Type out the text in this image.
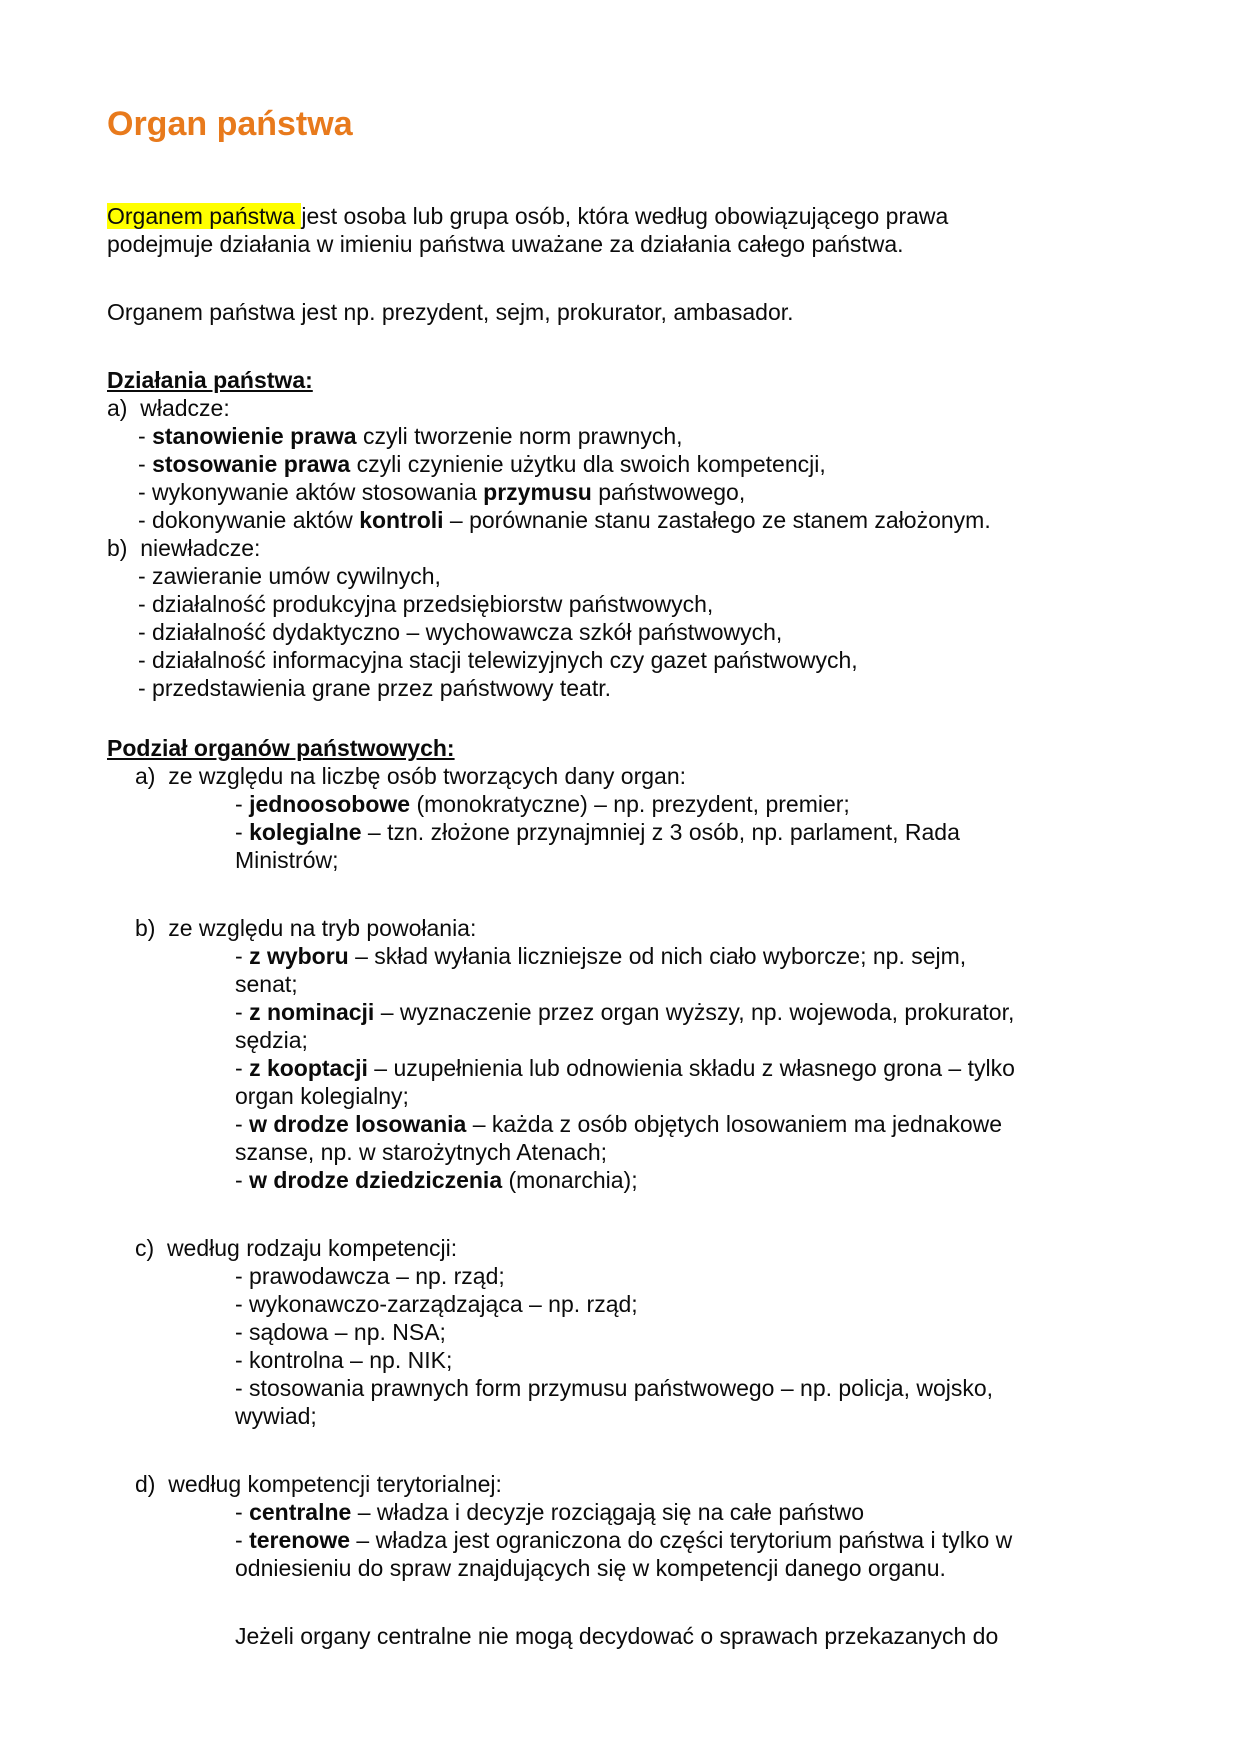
Organ państwa
Organem państwa jest osoba lub grupa osób, która według obowiązującego prawa
podejmuje działania w imieniu państwa uważane za działania całego państwa.
Organem państwa jest np. prezydent, sejm, prokurator, ambasador.
Działania państwa:
a)  władcze:
- stanowienie prawa czyli tworzenie norm prawnych,
- stosowanie prawa czyli czynienie użytku dla swoich kompetencji,
- wykonywanie aktów stosowania przymusu państwowego,
- dokonywanie aktów kontroli – porównanie stanu zastałego ze stanem założonym.
b)  niewładcze:
- zawieranie umów cywilnych,
- działalność produkcyjna przedsiębiorstw państwowych,
- działalność dydaktyczno – wychowawcza szkół państwowych,
- działalność informacyjna stacji telewizyjnych czy gazet państwowych,
- przedstawienia grane przez państwowy teatr.
Podział organów państwowych:
a)  ze względu na liczbę osób tworzących dany organ:
- jednoosobowe (monokratyczne) – np. prezydent, premier;
- kolegialne – tzn. złożone przynajmniej z 3 osób, np. parlament, Rada
Ministrów;
b)  ze względu na tryb powołania:
- z wyboru – skład wyłania liczniejsze od nich ciało wyborcze; np. sejm,
senat;
- z nominacji – wyznaczenie przez organ wyższy, np. wojewoda, prokurator,
sędzia;
- z kooptacji – uzupełnienia lub odnowienia składu z własnego grona – tylko
organ kolegialny;
- w drodze losowania – każda z osób objętych losowaniem ma jednakowe
szanse, np. w starożytnych Atenach;
- w drodze dziedziczenia (monarchia);
c)  według rodzaju kompetencji:
- prawodawcza – np. rząd;
- wykonawczo-zarządzająca – np. rząd;
- sądowa – np. NSA;
- kontrolna – np. NIK;
- stosowania prawnych form przymusu państwowego – np. policja, wojsko,
wywiad;
d)  według kompetencji terytorialnej:
- centralne – władza i decyzje rozciągają się na całe państwo
- terenowe – władza jest ograniczona do części terytorium państwa i tylko w
odniesieniu do spraw znajdujących się w kompetencji danego organu.
Jeżeli organy centralne nie mogą decydować o sprawach przekazanych do
